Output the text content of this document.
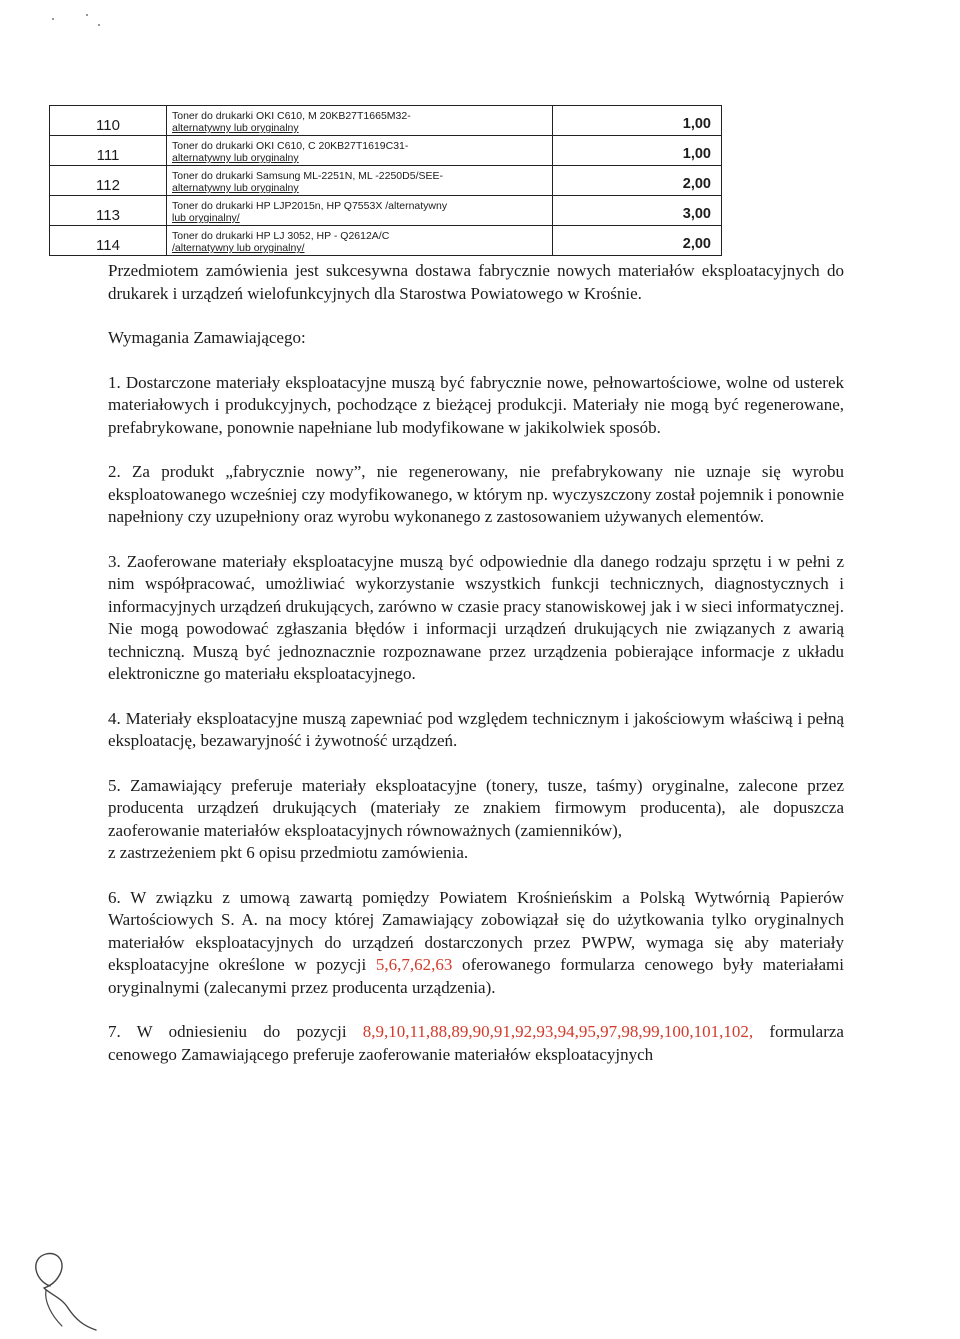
110	Toner do drukarki OKI C610, M 20KB27T1665M32-
alternatywny lub oryginalny	1,00
111	Toner do drukarki OKI C610, C 20KB27T1619C31-
alternatywny lub oryginalny	1,00
112	Toner do drukarki Samsung ML-2251N, ML -2250D5/SEE-
alternatywny lub oryginalny	2,00
113	Toner do drukarki HP LJP2015n, HP Q7553X /alternatywny
lub oryginalny/	3,00
114	Toner do drukarki HP LJ 3052, HP - Q2612A/C
/alternatywny lub oryginalny/	2,00

Przedmiotem zamówienia jest sukcesywna dostawa fabrycznie nowych materiałów eksploatacyjnych do drukarek i urządzeń wielofunkcyjnych dla Starostwa Powiatowego w Krośnie.

Wymagania Zamawiającego:

1. Dostarczone materiały eksploatacyjne muszą być fabrycznie nowe, pełnowartościowe, wolne od usterek materiałowych i produkcyjnych, pochodzące z bieżącej produkcji. Materiały nie mogą być regenerowane, prefabrykowane, ponownie napełniane lub modyfikowane w jakikolwiek sposób.

2. Za produkt „fabrycznie nowy”, nie regenerowany, nie prefabrykowany nie uznaje się wyrobu eksploatowanego wcześniej czy modyfikowanego, w którym np. wyczyszczony został pojemnik i ponownie napełniony czy uzupełniony oraz wyrobu wykonanego z zastosowaniem używanych elementów.

3. Zaoferowane materiały eksploatacyjne muszą być odpowiednie dla danego rodzaju sprzętu i w pełni z nim współpracować, umożliwiać wykorzystanie wszystkich funkcji technicznych, diagnostycznych i informacyjnych urządzeń drukujących, zarówno w czasie pracy stanowiskowej jak i w sieci informatycznej. Nie mogą powodować zgłaszania błędów i informacji urządzeń drukujących nie związanych z awarią techniczną. Muszą być jednoznacznie rozpoznawane przez urządzenia pobierające informacje z układu elektroniczne go materiału eksploatacyjnego.

4. Materiały eksploatacyjne muszą zapewniać pod względem technicznym i jakościowym właściwą i pełną eksploatację, bezawaryjność i żywotność urządzeń.

5. Zamawiający preferuje materiały eksploatacyjne (tonery, tusze, taśmy) oryginalne, zalecone przez producenta urządzeń drukujących (materiały ze znakiem firmowym producenta), ale dopuszcza zaoferowanie materiałów eksploatacyjnych równoważnych (zamienników),

z zastrzeżeniem pkt 6 opisu przedmiotu zamówienia.

6. W związku z umową zawartą pomiędzy Powiatem Krośnieńskim a Polską Wytwórnią Papierów Wartościowych S. A. na mocy której Zamawiający zobowiązał się do użytkowania tylko oryginalnych materiałów eksploatacyjnych do urządzeń dostarczonych przez PWPW, wymaga się aby materiały eksploatacyjne określone w pozycji 5,6,7,62,63 oferowanego formularza cenowego były materiałami oryginalnymi (zalecanymi przez producenta urządzenia).

7. W odniesieniu do pozycji 8,9,10,11,88,89,90,91,92,93,94,95,97,98,99,100,101,102, formularza cenowego Zamawiającego preferuje zaoferowanie materiałów eksploatacyjnych
